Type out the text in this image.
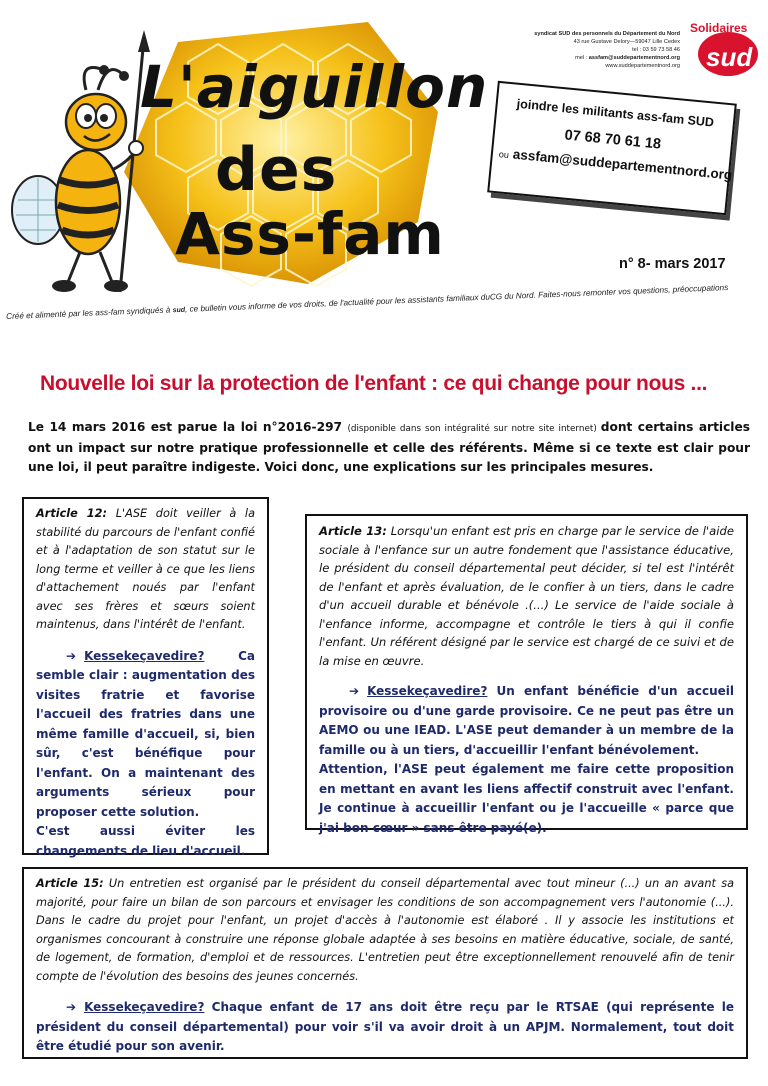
L'aiguillon
des
Ass-fam
syndicat SUD des personnels du Département du Nord
43 rue Gustave Delory—59047 Lille Cedex
tel : 03 59 73 58 46
mel : assfam@suddepartementnord.org
www.suddepartementnord.org
Solidaires
sud
joindre les militants ass-fam SUD
07 68 70 61 18
ou assfam@suddepartementnord.org
n° 8- mars 2017
Créé et alimenté par les ass-fam syndiqués à sud, ce bulletin vous informe de vos droits, de l'actualité pour les assistants familiaux duCG du Nord. Faites-nous remonter vos questions, préoccupations
Nouvelle loi sur la protection de l'enfant : ce qui change pour nous ...
Le 14 mars 2016 est parue la loi n°2016-297 (disponible dans son intégralité sur notre site internet) dont certains articles ont un impact sur notre pratique professionnelle et celle des référents. Même si ce texte est clair pour une loi, il peut paraître indigeste. Voici donc, une explications sur les principales mesures.

Article 12: L'ASE doit veiller à la stabilité du parcours de l'enfant confié et à l'adaptation de son statut sur le long terme et veiller à ce que les liens d'attachement noués par l'enfant avec ses frères et sœurs soient maintenus, dans l'intérêt de l'enfant.

➔ Kessekeçavedire? Ca semble clair : augmentation des visites fratrie et favorise l'accueil des fratries dans une même famille d'accueil, si, bien sûr, c'est bénéfique pour l'enfant. On a maintenant des arguments sérieux pour proposer cette solution.

C'est aussi éviter les changements de lieu d'accueil.

Article 13: Lorsqu'un enfant est pris en charge par le service de l'aide sociale à l'enfance sur un autre fondement que l'assistance éducative, le président du conseil départemental peut décider, si tel est l'intérêt de l'enfant et après évaluation, de le confier à un tiers, dans le cadre d'un accueil durable et bénévole .(...) Le service de l'aide sociale à l'enfance informe, accompagne et contrôle le tiers à qui il confie l'enfant. Un référent désigné par le service est chargé de ce suivi et de la mise en œuvre.

➔ Kessekeçavedire? Un enfant bénéficie d'un accueil provisoire ou d'une garde provisoire. Ce ne peut pas être un AEMO ou une IEAD. L'ASE peut demander à un membre de la famille ou à un tiers, d'accueillir l'enfant bénévolement.

Attention, l'ASE peut également me faire cette proposition en mettant en avant les liens affectif construit avec l'enfant. Je continue à accueillir l'enfant ou je l'accueille « parce que j'ai bon cœur » sans être payé(e).

Article 15: Un entretien est organisé par le président du conseil départemental avec tout mineur (...) un an avant sa majorité, pour faire un bilan de son parcours et envisager les conditions de son accompagnement vers l'autonomie (...). Dans le cadre du projet pour l'enfant, un projet d'accès à l'autonomie est élaboré . Il y associe les institutions et organismes concourant à construire une réponse globale adaptée à ses besoins en matière éducative, sociale, de santé, de logement, de formation, d'emploi et de ressources. L'entretien peut être exceptionnellement renouvelé afin de tenir compte de l'évolution des besoins des jeunes concernés.

➔ Kessekeçavedire? Chaque enfant de 17 ans doit être reçu par le RTSAE (qui représente le président du conseil départemental) pour voir s'il va avoir droit à un APJM. Normalement, tout doit être étudié pour son avenir.
